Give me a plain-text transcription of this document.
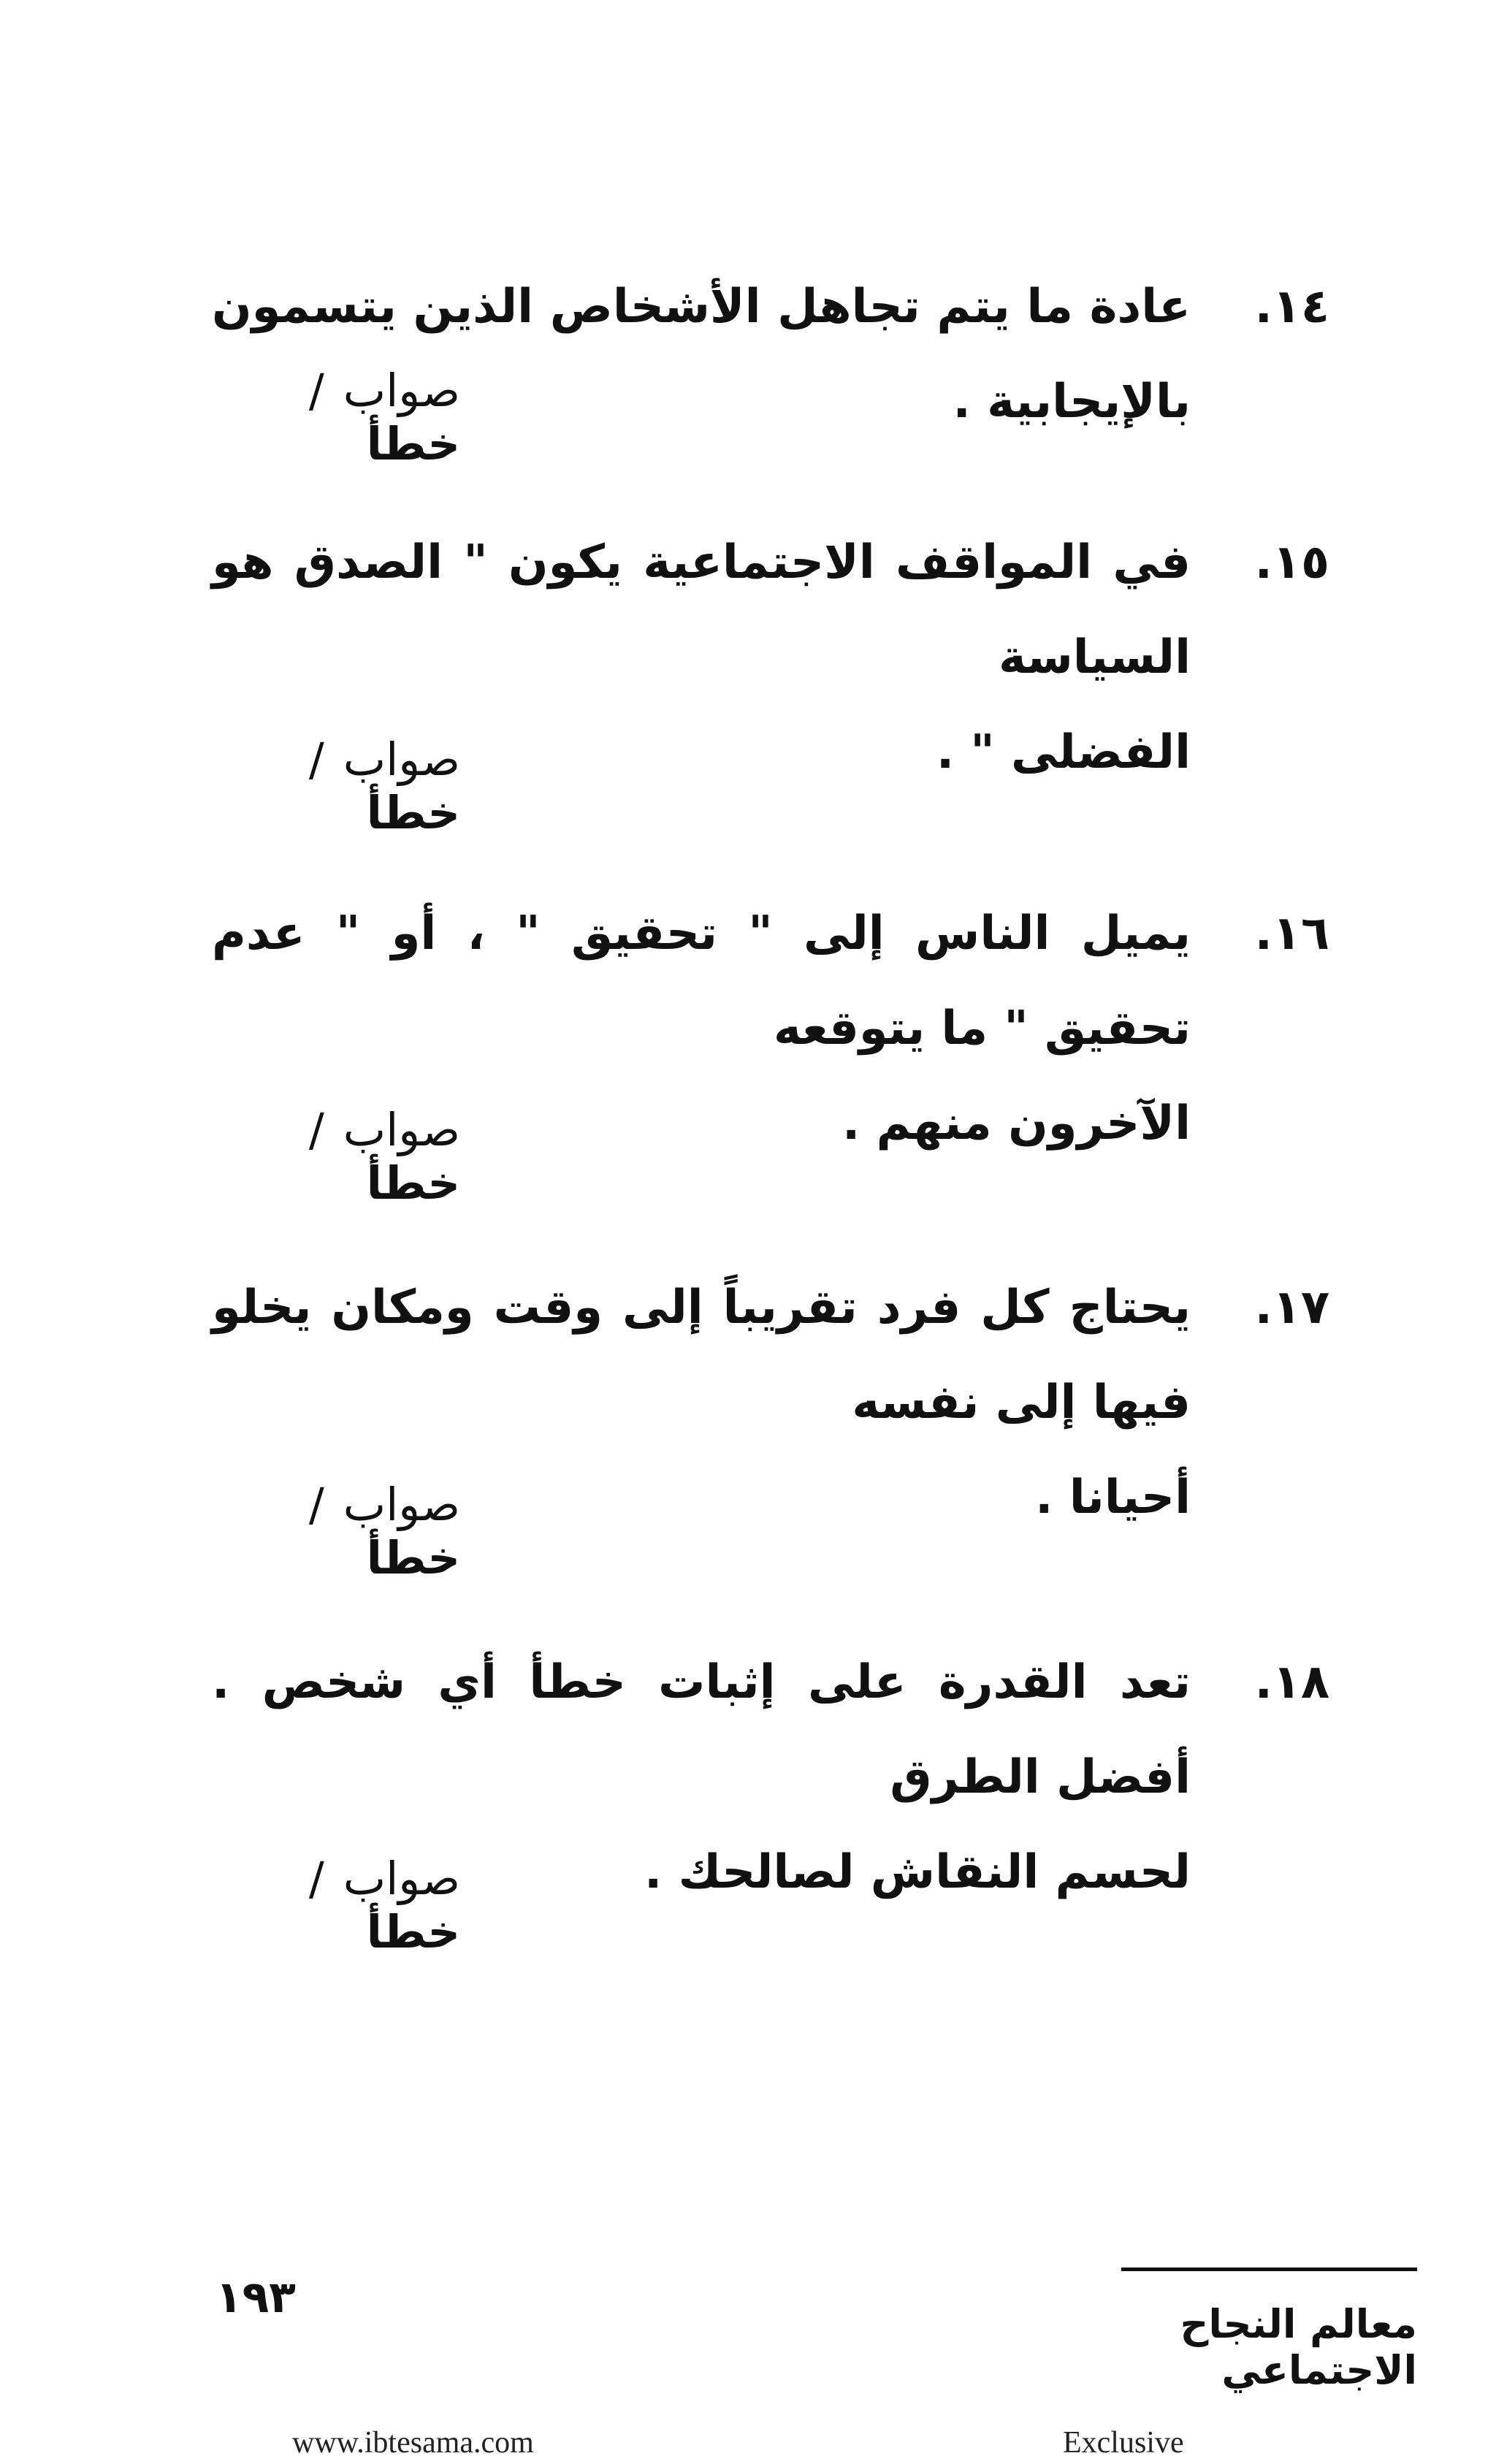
١٤.
عادة ما يتم تجاهل الأشخاص الذين يتسمون بالإيجابية .
صواب/خطأ
١٥.
في المواقف الاجتماعية يكون " الصدق هو السياسة
الفضلى " .
صواب/خطأ
١٦.
يميل الناس إلى " تحقيق " ، أو " عدم تحقيق " ما يتوقعه
الآخرون منهم .
صواب/خطأ
١٧.
يحتاج كل فرد تقريباً إلى وقت ومكان يخلو فيها إلى نفسه
أحيانا .
صواب/خطأ
١٨.
تعد القدرة على إثبات خطأ أي شخص . أفضل الطرق
لحسم النقاش لصالحك .
صواب/خطأ
معالم النجاح الاجتماعي
١٩٣
www.ibtesama.com	Exclusive
